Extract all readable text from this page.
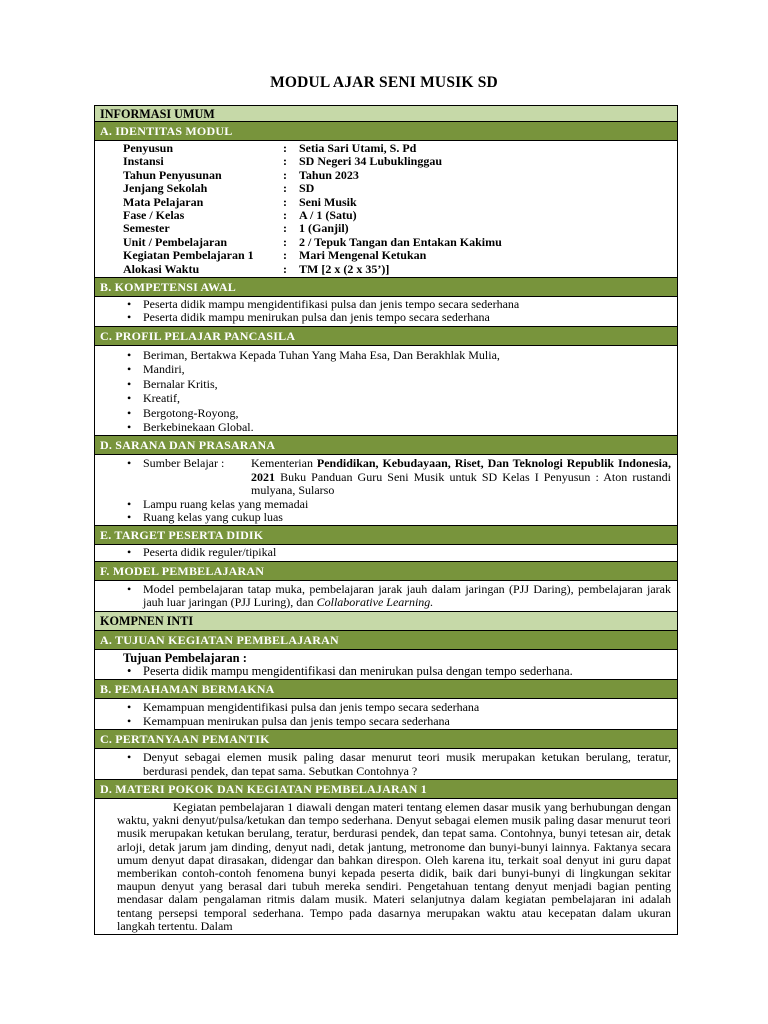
MODUL AJAR SENI MUSIK SD
INFORMASI UMUM
A. IDENTITAS MODUL
Penyusun	:	Setia Sari Utami, S. Pd
Instansi	:	SD Negeri 34 Lubuklinggau
Tahun Penyusunan	:	Tahun 2023
Jenjang Sekolah	:	SD
Mata Pelajaran	:	Seni Musik
Fase / Kelas	:	A / 1 (Satu)
Semester	:	1 (Ganjil)
Unit / Pembelajaran	:	2 / Tepuk Tangan dan Entakan Kakimu
Kegiatan Pembelajaran 1	:	Mari Mengenal Ketukan
Alokasi Waktu	:	TM [2 x (2 x 35’)]
B. KOMPETENSI AWAL
• Peserta didik mampu mengidentifikasi pulsa dan jenis tempo secara sederhana
• Peserta didik mampu menirukan pulsa dan jenis tempo secara sederhana
C. PROFIL PELAJAR PANCASILA
• Beriman, Bertakwa Kepada Tuhan Yang Maha Esa, Dan Berakhlak Mulia,
• Mandiri,
• Bernalar Kritis,
• Kreatif,
• Bergotong-Royong,
• Berkebinekaan Global.
D. SARANA DAN PRASARANA
• Sumber Belajar :	Kementerian Pendidikan, Kebudayaan, Riset, Dan Teknologi Republik Indonesia, 2021 Buku Panduan Guru Seni Musik untuk SD Kelas I Penyusun : Aton rustandi mulyana, Sularso
• Lampu ruang kelas yang memadai
• Ruang kelas yang cukup luas
E. TARGET PESERTA DIDIK
• Peserta didik reguler/tipikal
F. MODEL PEMBELAJARAN
• Model pembelajaran tatap muka, pembelajaran jarak jauh dalam jaringan (PJJ Daring), pembelajaran jarak jauh luar jaringan (PJJ Luring), dan Collaborative Learning.
KOMPNEN INTI
A. TUJUAN KEGIATAN PEMBELAJARAN
Tujuan Pembelajaran :
• Peserta didik mampu mengidentifikasi dan menirukan pulsa dengan tempo sederhana.
B. PEMAHAMAN BERMAKNA
• Kemampuan mengidentifikasi pulsa dan jenis tempo secara sederhana
• Kemampuan menirukan pulsa dan jenis tempo secara sederhana
C. PERTANYAAN PEMANTIK
• Denyut sebagai elemen musik paling dasar menurut teori musik merupakan ketukan berulang, teratur, berdurasi pendek, dan tepat sama. Sebutkan Contohnya ?
D. MATERI POKOK DAN KEGIATAN PEMBELAJARAN 1
Kegiatan pembelajaran 1 diawali dengan materi tentang elemen dasar musik yang berhubungan dengan waktu, yakni denyut/pulsa/ketukan dan tempo sederhana. Denyut sebagai elemen musik paling dasar menurut teori musik merupakan ketukan berulang, teratur, berdurasi pendek, dan tepat sama. Contohnya, bunyi tetesan air, detak arloji, detak jarum jam dinding, denyut nadi, detak jantung, metronome dan bunyi-bunyi lainnya. Faktanya secara umum denyut dapat dirasakan, didengar dan bahkan direspon. Oleh karena itu, terkait soal denyut ini guru dapat memberikan contoh-contoh fenomena bunyi kepada peserta didik, baik dari bunyi-bunyi di lingkungan sekitar maupun denyut yang berasal dari tubuh mereka sendiri. Pengetahuan tentang denyut menjadi bagian penting mendasar dalam pengalaman ritmis dalam musik. Materi selanjutnya dalam kegiatan pembelajaran ini adalah tentang persepsi temporal sederhana. Tempo pada dasarnya merupakan waktu atau kecepatan dalam ukuran langkah tertentu. Dalam
